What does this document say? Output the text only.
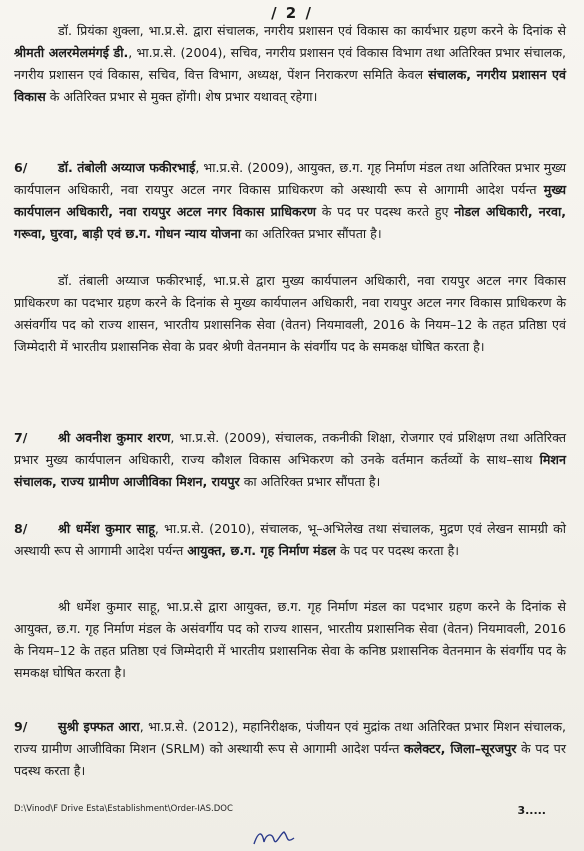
/ 2 /

डॉ. प्रियंका शुक्ला, भा.प्र.से. द्वारा संचालक, नगरीय प्रशासन एवं विकास का कार्यभार ग्रहण करने के दिनांक से श्रीमती अलरमेलमंगई डी., भा.प्र.से. (2004), सचिव, नगरीय प्रशासन एवं विकास विभाग तथा अतिरिक्त प्रभार संचालक, नगरीय प्रशासन एवं विकास, सचिव, वित्त विभाग, अध्यक्ष, पेंशन निराकरण समिति केवल संचालक, नगरीय प्रशासन एवं विकास के अतिरिक्त प्रभार से मुक्त होंगी। शेष प्रभार यथावत् रहेगा।

6/ डॉ. तंबोली अय्याज फकीरभाई, भा.प्र.से. (2009), आयुक्त, छ.ग. गृह निर्माण मंडल तथा अतिरिक्त प्रभार मुख्य कार्यपालन अधिकारी, नवा रायपुर अटल नगर विकास प्राधिकरण को अस्थायी रूप से आगामी आदेश पर्यन्त मुख्य कार्यपालन अधिकारी, नवा रायपुर अटल नगर विकास प्राधिकरण के पद पर पदस्थ करते हुए नोडल अधिकारी, नरवा, गरूवा, घुरवा, बाड़ी एवं छ.ग. गोधन न्याय योजना का अतिरिक्त प्रभार सौंपता है।

डॉ. तंबाली अय्याज फकीरभाई, भा.प्र.से द्वारा मुख्य कार्यपालन अधिकारी, नवा रायपुर अटल नगर विकास प्राधिकरण का पदभार ग्रहण करने के दिनांक से मुख्य कार्यपालन अधिकारी, नवा रायपुर अटल नगर विकास प्राधिकरण के असंवर्गीय पद को राज्य शासन, भारतीय प्रशासनिक सेवा (वेतन) नियमावली, 2016 के नियम–12 के तहत प्रतिष्ठा एवं जिम्मेदारी में भारतीय प्रशासनिक सेवा के प्रवर श्रेणी वेतनमान के संवर्गीय पद के समकक्ष घोषित करता है।

7/ श्री अवनीश कुमार शरण, भा.प्र.से. (2009), संचालक, तकनीकी शिक्षा, रोजगार एवं प्रशिक्षण तथा अतिरिक्त प्रभार मुख्य कार्यपालन अधिकारी, राज्य कौशल विकास अभिकरण को उनके वर्तमान कर्तव्यों के साथ–साथ मिशन संचालक, राज्य ग्रामीण आजीविका मिशन, रायपुर का अतिरिक्त प्रभार सौंपता है।

8/ श्री धर्मेश कुमार साहू, भा.प्र.से. (2010), संचालक, भू–अभिलेख तथा संचालक, मुद्रण एवं लेखन सामग्री को अस्थायी रूप से आगामी आदेश पर्यन्त आयुक्त, छ.ग. गृह निर्माण मंडल के पद पर पदस्थ करता है।

श्री धर्मेश कुमार साहू, भा.प्र.से द्वारा आयुक्त, छ.ग. गृह निर्माण मंडल का पदभार ग्रहण करने के दिनांक से आयुक्त, छ.ग. गृह निर्माण मंडल के असंवर्गीय पद को राज्य शासन, भारतीय प्रशासनिक सेवा (वेतन) नियमावली, 2016 के नियम–12 के तहत प्रतिष्ठा एवं जिम्मेदारी में भारतीय प्रशासनिक सेवा के कनिष्ठ प्रशासनिक वेतनमान के संवर्गीय पद के समकक्ष घोषित करता है।

9/ सुश्री इफ्फत आरा, भा.प्र.से. (2012), महानिरीक्षक, पंजीयन एवं मुद्रांक तथा अतिरिक्त प्रभार मिशन संचालक, राज्य ग्रामीण आजीविका मिशन (SRLM) को अस्थायी रूप से आगामी आदेश पर्यन्त कलेक्टर, जिला–सूरजपुर के पद पर पदस्थ करता है।

D:\Vinod\F Drive Esta\Establishment\Order-IAS.DOC	3.....
